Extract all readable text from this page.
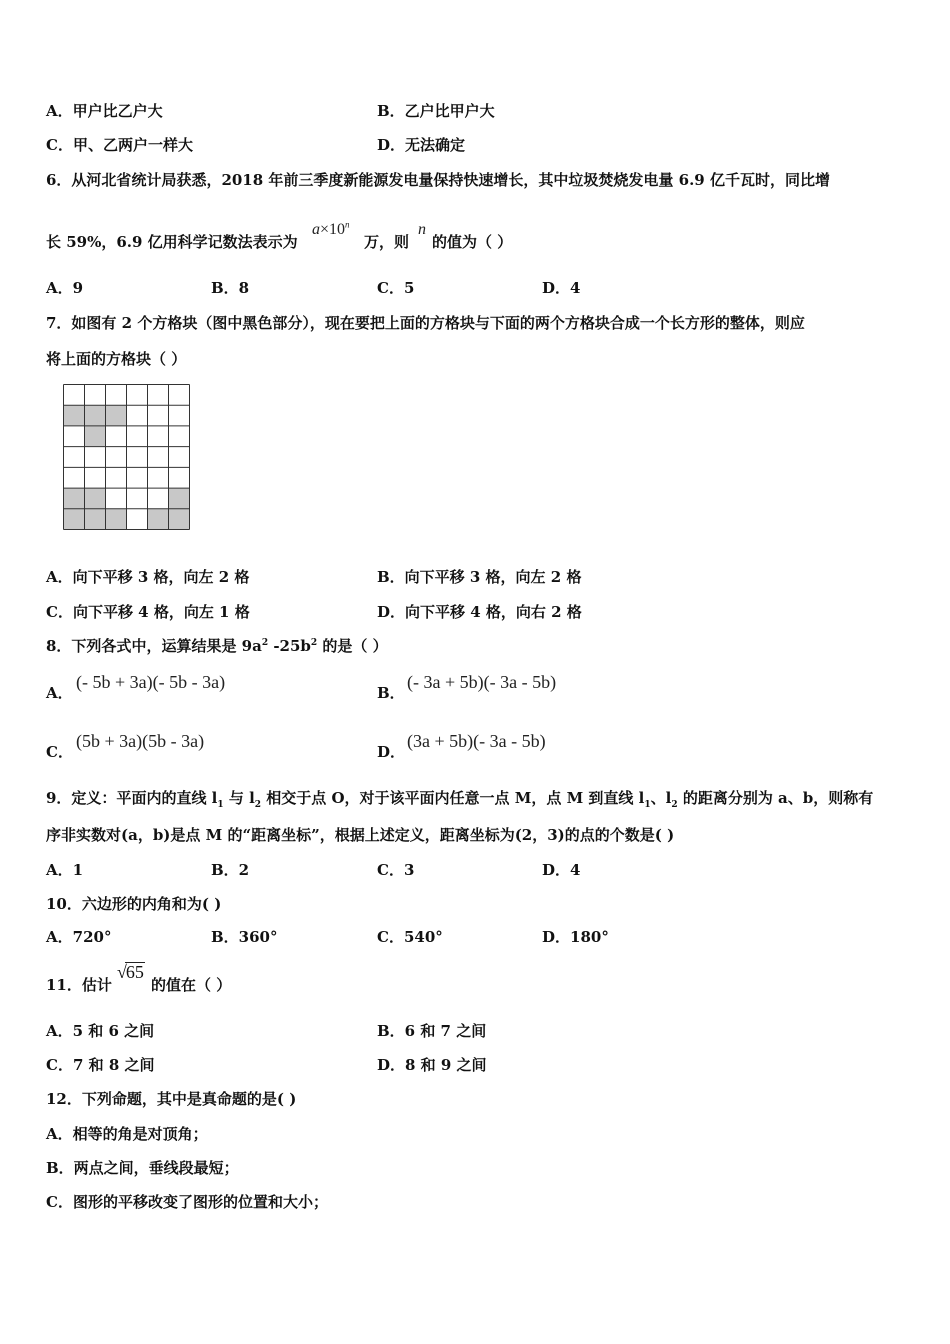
A．甲户比乙户大	B．乙户比甲户大
C．甲、乙两户一样大	D．无法确定
6．从河北省统计局获悉，2018 年前三季度新能源发电量保持快速增长，其中垃圾焚烧发电量 6.9 亿千瓦时，同比增
长 59%，6.9 亿用科学记数法表示为
$a\times 10^n$
万，则
n
的值为（ ）
A．9	B．8	C．5	D．4
7．如图有 2 个方格块（图中黑色部分），现在要把上面的方格块与下面的两个方格块合成一个长方形的整体，则应
将上面的方格块（ ）
A．向下平移 3 格，向左 2 格	B．向下平移 3 格，向左 2 格
C．向下平移 4 格，向左 1 格	D．向下平移 4 格，向右 2 格
8．下列各式中，运算结果是 $9a^2$ $-25b^2$ 的是（ ）
A．
(- 5b + 3a)(- 5b - 3a)
B．
(- 3a + 5b)(- 3a - 5b)
C．
(5b + 3a)(5b - 3a)
D．
(3a + 5b)(- 3a - 5b)
9．定义：平面内的直线 $l_1$ 与 $l_2$ 相交于点 O，对于该平面内任意一点 M，点 M 到直线 $l_1$、$l_2$ 的距离分别为 a、b，则称有
序非实数对(a，b)是点 M 的“距离坐标”，根据上述定义，距离坐标为(2，3)的点的个数是( )
A．1	B．2	C．3	D．4
10．六边形的内角和为( )
A．720°	B．360°	C．540°	D．180°
11．估计
√65
的值在（ ）
A．5 和 6 之间	B．6 和 7 之间
C．7 和 8 之间	D．8 和 9 之间
12．下列命题，其中是真命题的是( )
A．相等的角是对顶角；
B．两点之间，垂线段最短；
C．图形的平移改变了图形的位置和大小；
